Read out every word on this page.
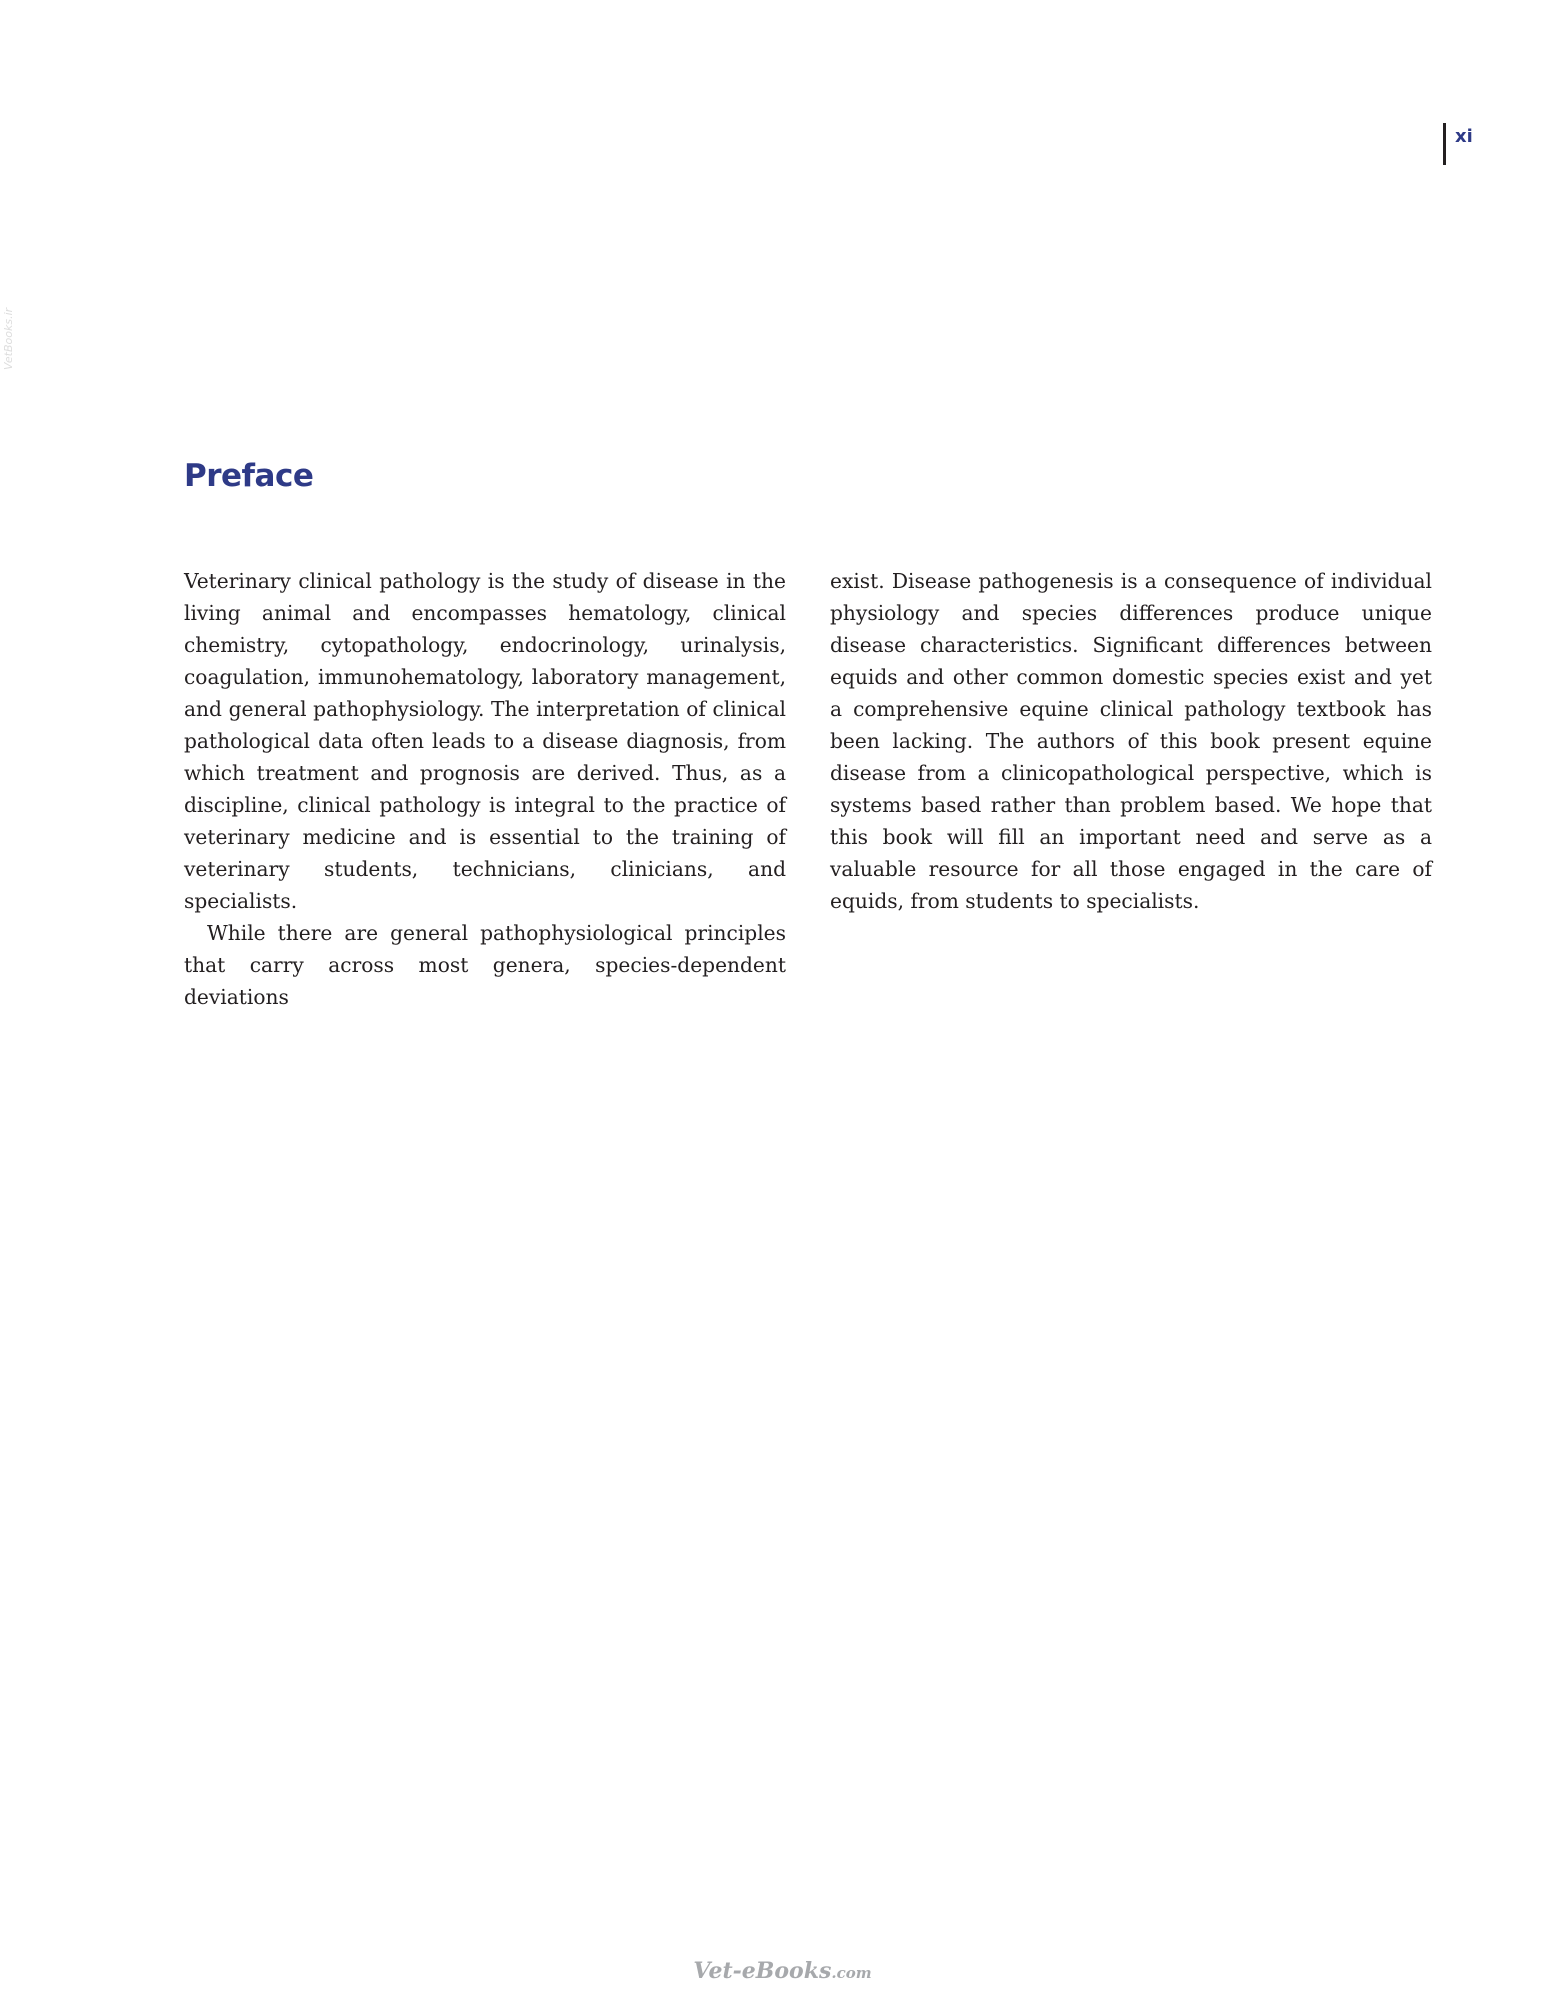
xi
VetBooks.ir
Preface

Veterinary clinical pathology is the study of disease in the living animal and encompasses hematology, clinical chemistry, cytopathology, endocrinology, urinalysis, coagulation, immunohematology, laboratory management, and general pathophysiology. The interpretation of clinical pathological data often leads to a disease diagnosis, from which treatment and prognosis are derived. Thus, as a discipline, clinical pathology is integral to the practice of veterinary medicine and is essential to the training of veterinary students, technicians, clinicians, and specialists.

While there are general pathophysiological principles that carry across most genera, species-dependent deviations

exist. Disease pathogenesis is a consequence of individual physiology and species differences produce unique disease characteristics. Significant differences between equids and other common domestic species exist and yet a comprehensive equine clinical pathology textbook has been lacking. The authors of this book present equine disease from a clinicopathological perspective, which is systems based rather than problem based. We hope that this book will fill an important need and serve as a valuable resource for all those engaged in the care of equids, from students to specialists.

Vet-eBooks.com
